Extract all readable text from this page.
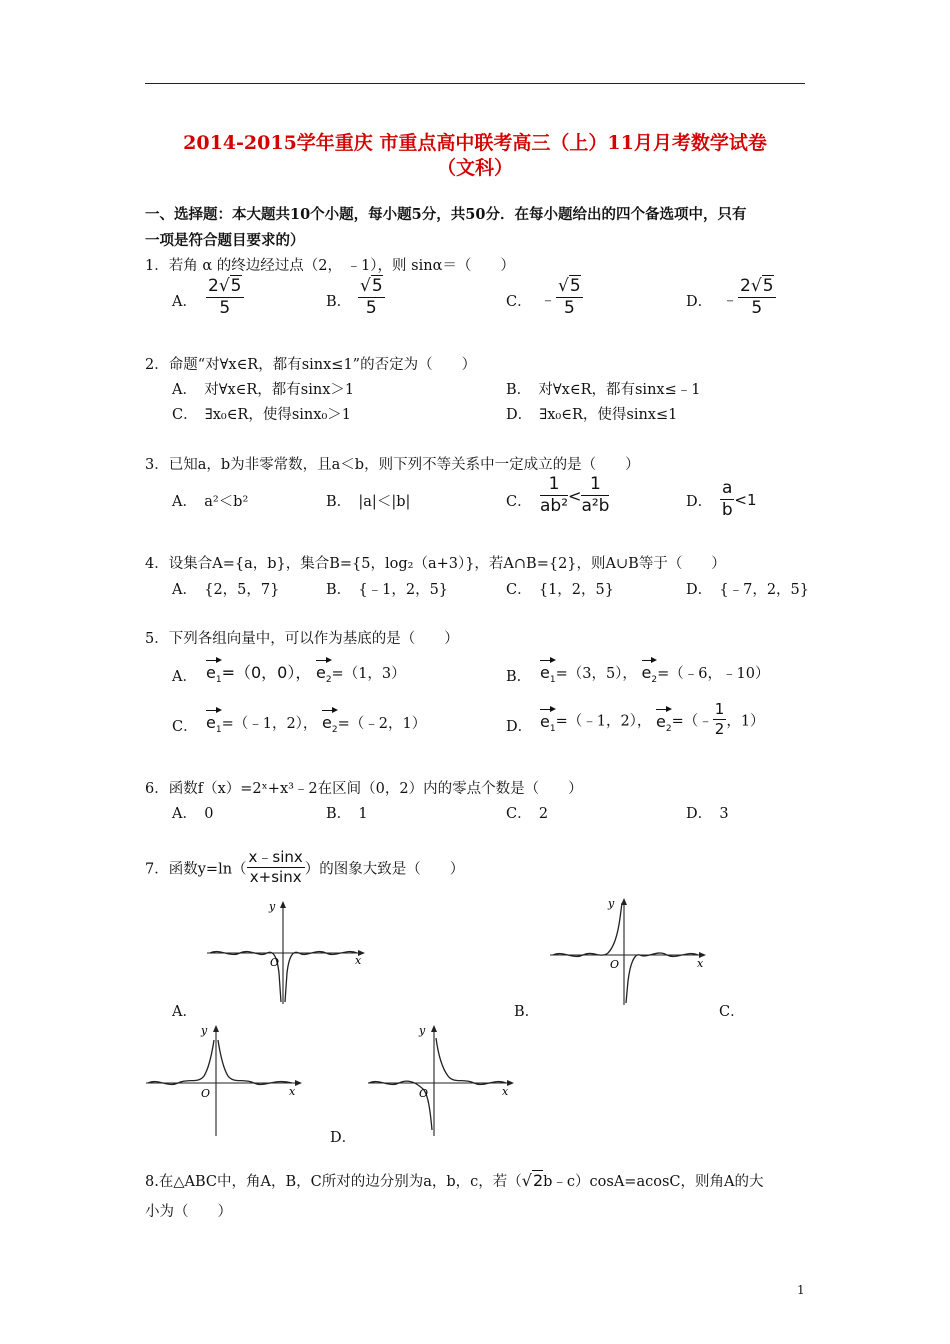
2014-2015学年重庆 市重点高中联考高三（上）11月月考数学试卷
（文科）
一、选择题：本大题共10个小题，每小题5分，共50分．在每小题给出的四个备选项中，只有
一项是符合题目要求的）
1．若角 α 的终边经过点（2， ﹣1），则 sinα＝（　　）
A． $\frac{2√5}{5}$	B． $\frac{√5}{5}$	C． ﹣ $\frac{√5}{5}$	D． ﹣ $\frac{2√5}{5}$
2．命题“对∀x∈R，都有sinx≤1”的否定为（　　）
A．　对∀x∈R，都有sinx＞1	B．　对∀x∈R，都有sinx≤﹣1
C．　∃x₀∈R，使得sinx₀＞1	D．　∃x₀∈R，使得sinx≤1
3．已知a，b为非零常数，且a＜b，则下列不等关系中一定成立的是（　　）
A．　a²＜b²	B．　|a|＜|b|	C． $\frac{1}{\text{ab²}} < \frac{1}{\text{a²b}}$	D． $\frac{a}{b} <1$
4．设集合A={a，b}，集合B={5，log₂（a+3）}，若A∩B={2}，则A∪B等于（　　）
A．　{2，5，7}	B．　{﹣1，2，5}	C．　{1，2，5}	D．　{﹣7，2，5}
5．下列各组向量中，可以作为基底的是（　　）
A． $e_1=(0$，0）， $e_2=(1$，3）	B． $e_1=(3$，5）， $e_2=(﹣6$，﹣10）
C． $e_1=(﹣1$，2）， $e_2=(﹣2$，1）	D． $e_1=(﹣1$，2）， $e_2=(﹣ \frac{1}{2}$ ，1）
6．函数f（x）=2ˣ+x³﹣2在区间（0，2）内的零点个数是（　　）
A．　0	B．　1	C．　2	D．　3
7．函数$y=\ln( \frac{x﹣\sin x}{x+\sin x}$ ）的图象大致是（　　）
y
x
O
A．
y
x
O
B．	C．
y
x
O
y
x
O
D．
8.在△ABC中，角A，B，C所对的边分别为a，b，c，若（√2b﹣c）cosA=acosC，则角A的大
小为（　　）
1
